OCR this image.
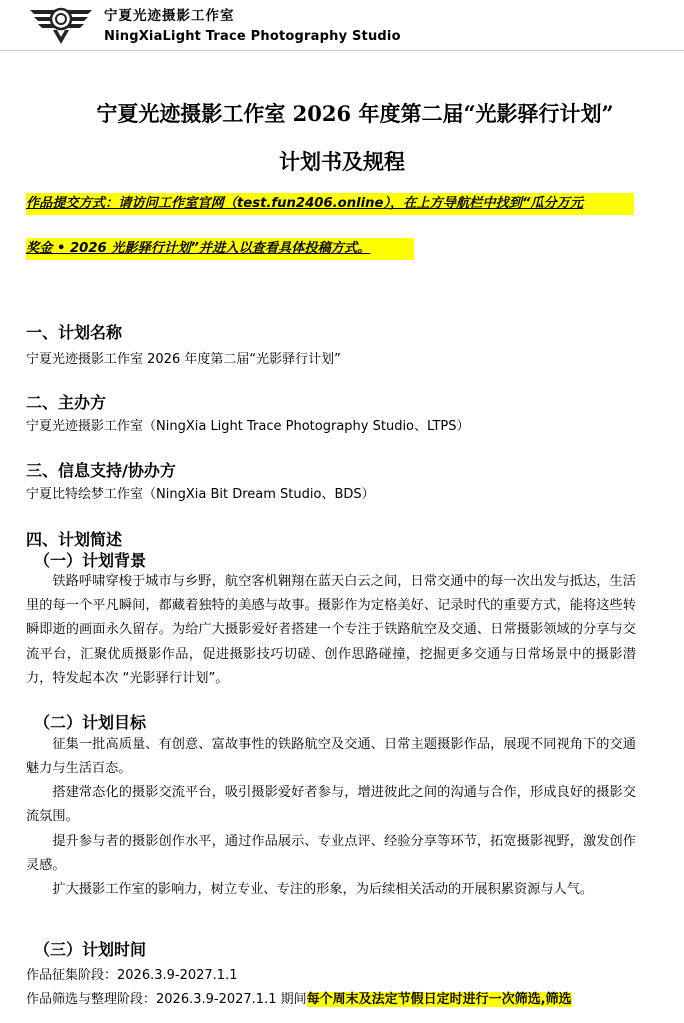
宁夏光迹摄影工作室
NingXiaLight Trace Photography Studio
宁夏光迹摄影工作室 2026 年度第二届“光影驿行计划”
计划书及规程
作品提交方式：请访问工作室官网（test.fun2406.online），在上方导航栏中找到“瓜分万元
奖金 • 2026 光影驿行计划”并进入以查看具体投稿方式。
一、计划名称
宁夏光迹摄影工作室 2026 年度第二届“光影驿行计划”
二、主办方
宁夏光迹摄影工作室（NingXia Light Trace Photography Studio、LTPS）
三、信息支持/协办方
宁夏比特绘梦工作室（NingXia Bit Dream Studio、BDS）
四、计划简述
（一）计划背景
铁路呼啸穿梭于城市与乡野，航空客机翱翔在蓝天白云之间，日常交通中的每一次出发与抵达，生活里的每一个平凡瞬间，都藏着独特的美感与故事。摄影作为定格美好、记录时代的重要方式，能将这些转瞬即逝的画面永久留存。为给广大摄影爱好者搭建一个专注于铁路航空及交通、日常摄影领域的分享与交流平台，汇聚优质摄影作品，促进摄影技巧切磋、创作思路碰撞，挖掘更多交通与日常场景中的摄影潜力，特发起本次 “光影驿行计划”。
（二）计划目标
征集一批高质量、有创意、富故事性的铁路航空及交通、日常主题摄影作品，展现不同视角下的交通魅力与生活百态。
搭建常态化的摄影交流平台，吸引摄影爱好者参与，增进彼此之间的沟通与合作，形成良好的摄影交流氛围。
提升参与者的摄影创作水平，通过作品展示、专业点评、经验分享等环节，拓宽摄影视野，激发创作灵感。
扩大摄影工作室的影响力，树立专业、专注的形象，为后续相关活动的开展积累资源与人气。
（三）计划时间
作品征集阶段：2026.3.9-2027.1.1
作品筛选与整理阶段：2026.3.9-2027.1.1 期间每个周末及法定节假日定时进行一次筛选,筛选
